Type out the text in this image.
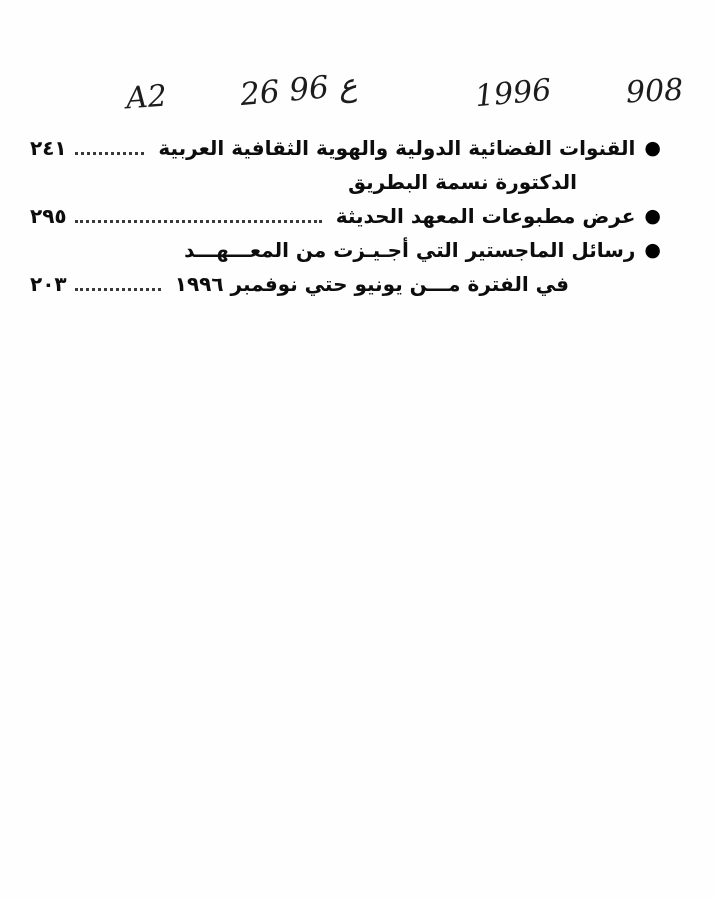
A2 26 96 ع	1996 908
●
القنوات الفضائية الدولية والهوية الثقافية العربية
٢٤١
الدكتورة نسمة البطريق
●
عرض مطبوعات المعهد الحديثة
٢٩٥
●
رسائل الماجستير التي أجـيـزت من المعـــهـــد
في الفترة مـــن يونيو حتي نوفمبر ١٩٩٦
٢٠٣
